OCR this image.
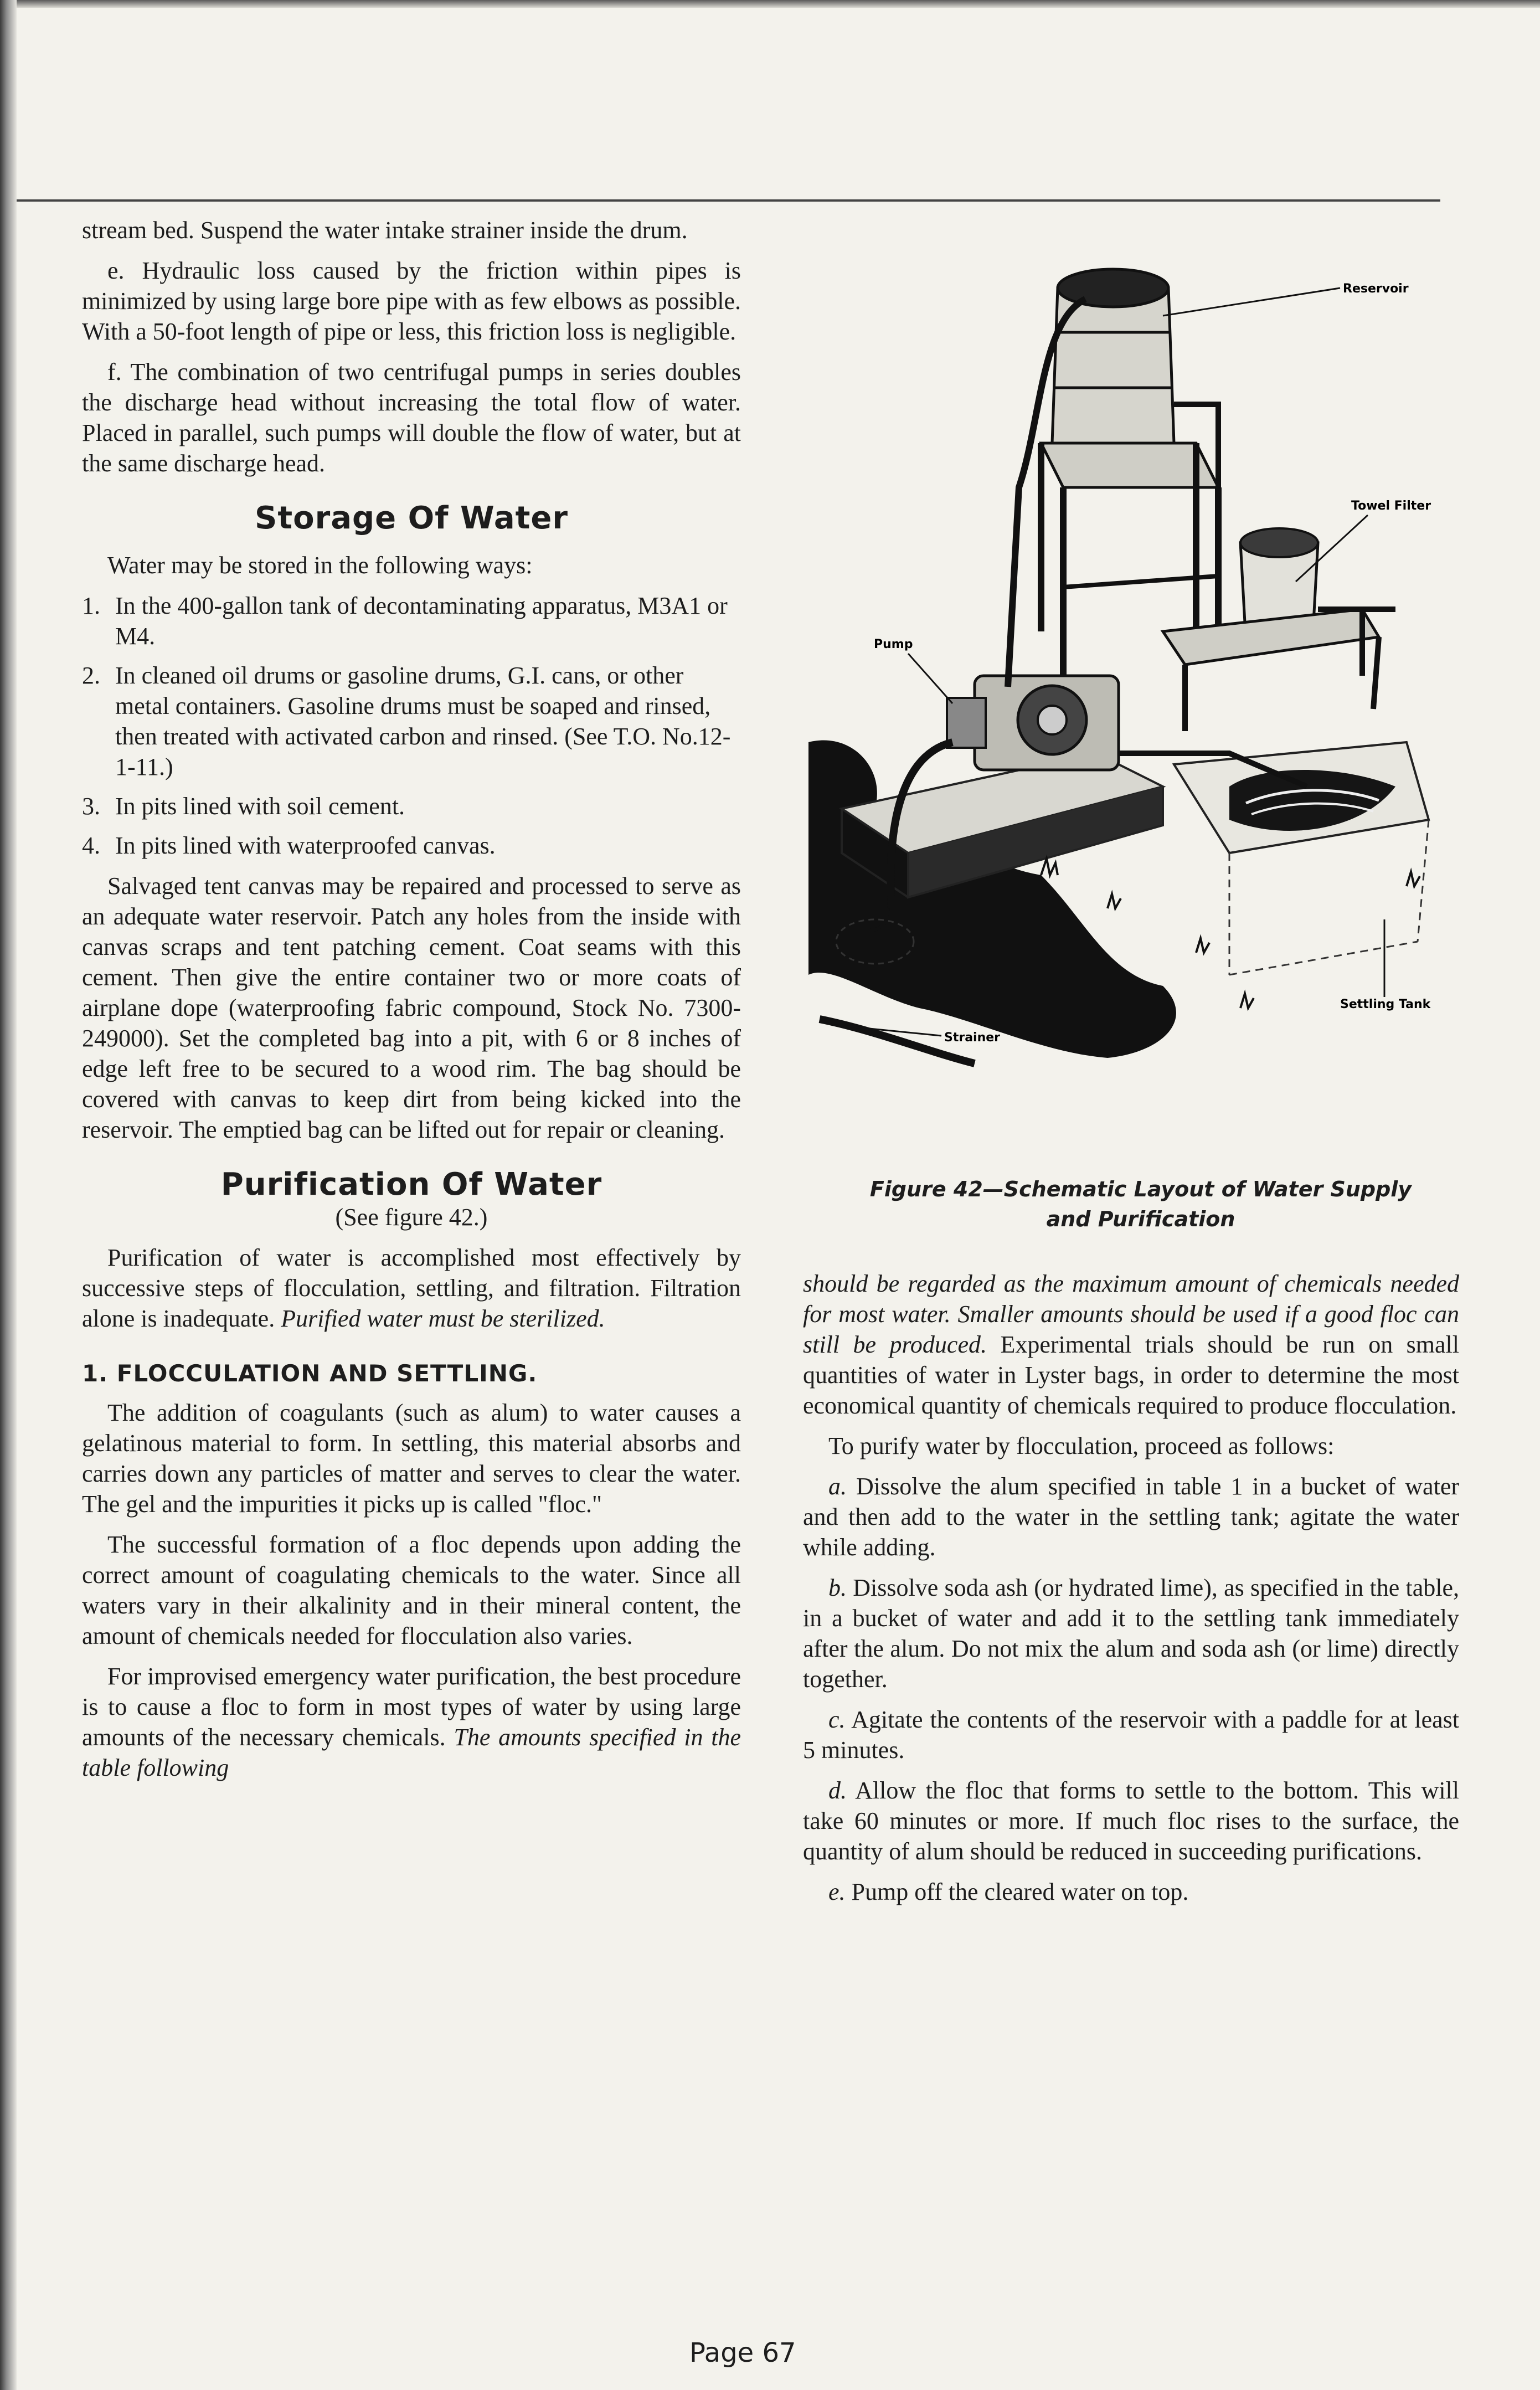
stream bed. Suspend the water intake strainer inside the drum.

e. Hydraulic loss caused by the friction within pipes is minimized by using large bore pipe with as few elbows as possible. With a 50-foot length of pipe or less, this friction loss is negligible.

f. The combination of two centrifugal pumps in series doubles the discharge head without increasing the total flow of water. Placed in parallel, such pumps will double the flow of water, but at the same discharge head.

Storage Of Water

Water may be stored in the following ways:

1. In the 400-gallon tank of decontaminating apparatus, M3A1 or M4.
2. In cleaned oil drums or gasoline drums, G.I. cans, or other metal containers. Gasoline drums must be soaped and rinsed, then treated with activated carbon and rinsed. (See T.O. No.12-1-11.)
3. In pits lined with soil cement.
4. In pits lined with waterproofed canvas.

Salvaged tent canvas may be repaired and processed to serve as an adequate water reservoir. Patch any holes from the inside with canvas scraps and tent patching cement. Coat seams with this cement. Then give the entire container two or more coats of airplane dope (waterproofing fabric compound, Stock No. 7300-249000). Set the completed bag into a pit, with 6 or 8 inches of edge left free to be secured to a wood rim. The bag should be covered with canvas to keep dirt from being kicked into the reservoir. The emptied bag can be lifted out for repair or cleaning.

Purification Of Water
(See figure 42.)

Purification of water is accomplished most effectively by successive steps of flocculation, settling, and filtration. Filtration alone is inadequate. Purified water must be sterilized.

1. FLOCCULATION AND SETTLING.

The addition of coagulants (such as alum) to water causes a gelatinous material to form. In settling, this material absorbs and carries down any particles of matter and serves to clear the water. The gel and the impurities it picks up is called "floc."

The successful formation of a floc depends upon adding the correct amount of coagulating chemicals to the water. Since all waters vary in their alkalinity and in their mineral content, the amount of chemicals needed for flocculation also varies.

For improvised emergency water purification, the best procedure is to cause a floc to form in most types of water by using large amounts of the necessary chemicals. The amounts specified in the table following

Reservoir
Towel Filter
Pump
Strainer
Settling Tank
Figure 42—Schematic Layout of Water Supply
and Purification

should be regarded as the maximum amount of chemicals needed for most water. Smaller amounts should be used if a good floc can still be produced. Experimental trials should be run on small quantities of water in Lyster bags, in order to determine the most economical quantity of chemicals required to produce flocculation.

To purify water by flocculation, proceed as follows:

a. Dissolve the alum specified in table 1 in a bucket of water and then add to the water in the settling tank; agitate the water while adding.

b. Dissolve soda ash (or hydrated lime), as specified in the table, in a bucket of water and add it to the settling tank immediately after the alum. Do not mix the alum and soda ash (or lime) directly together.

c. Agitate the contents of the reservoir with a paddle for at least 5 minutes.

d. Allow the floc that forms to settle to the bottom. This will take 60 minutes or more. If much floc rises to the surface, the quantity of alum should be reduced in succeeding purifications.

e. Pump off the cleared water on top.

Page 67
